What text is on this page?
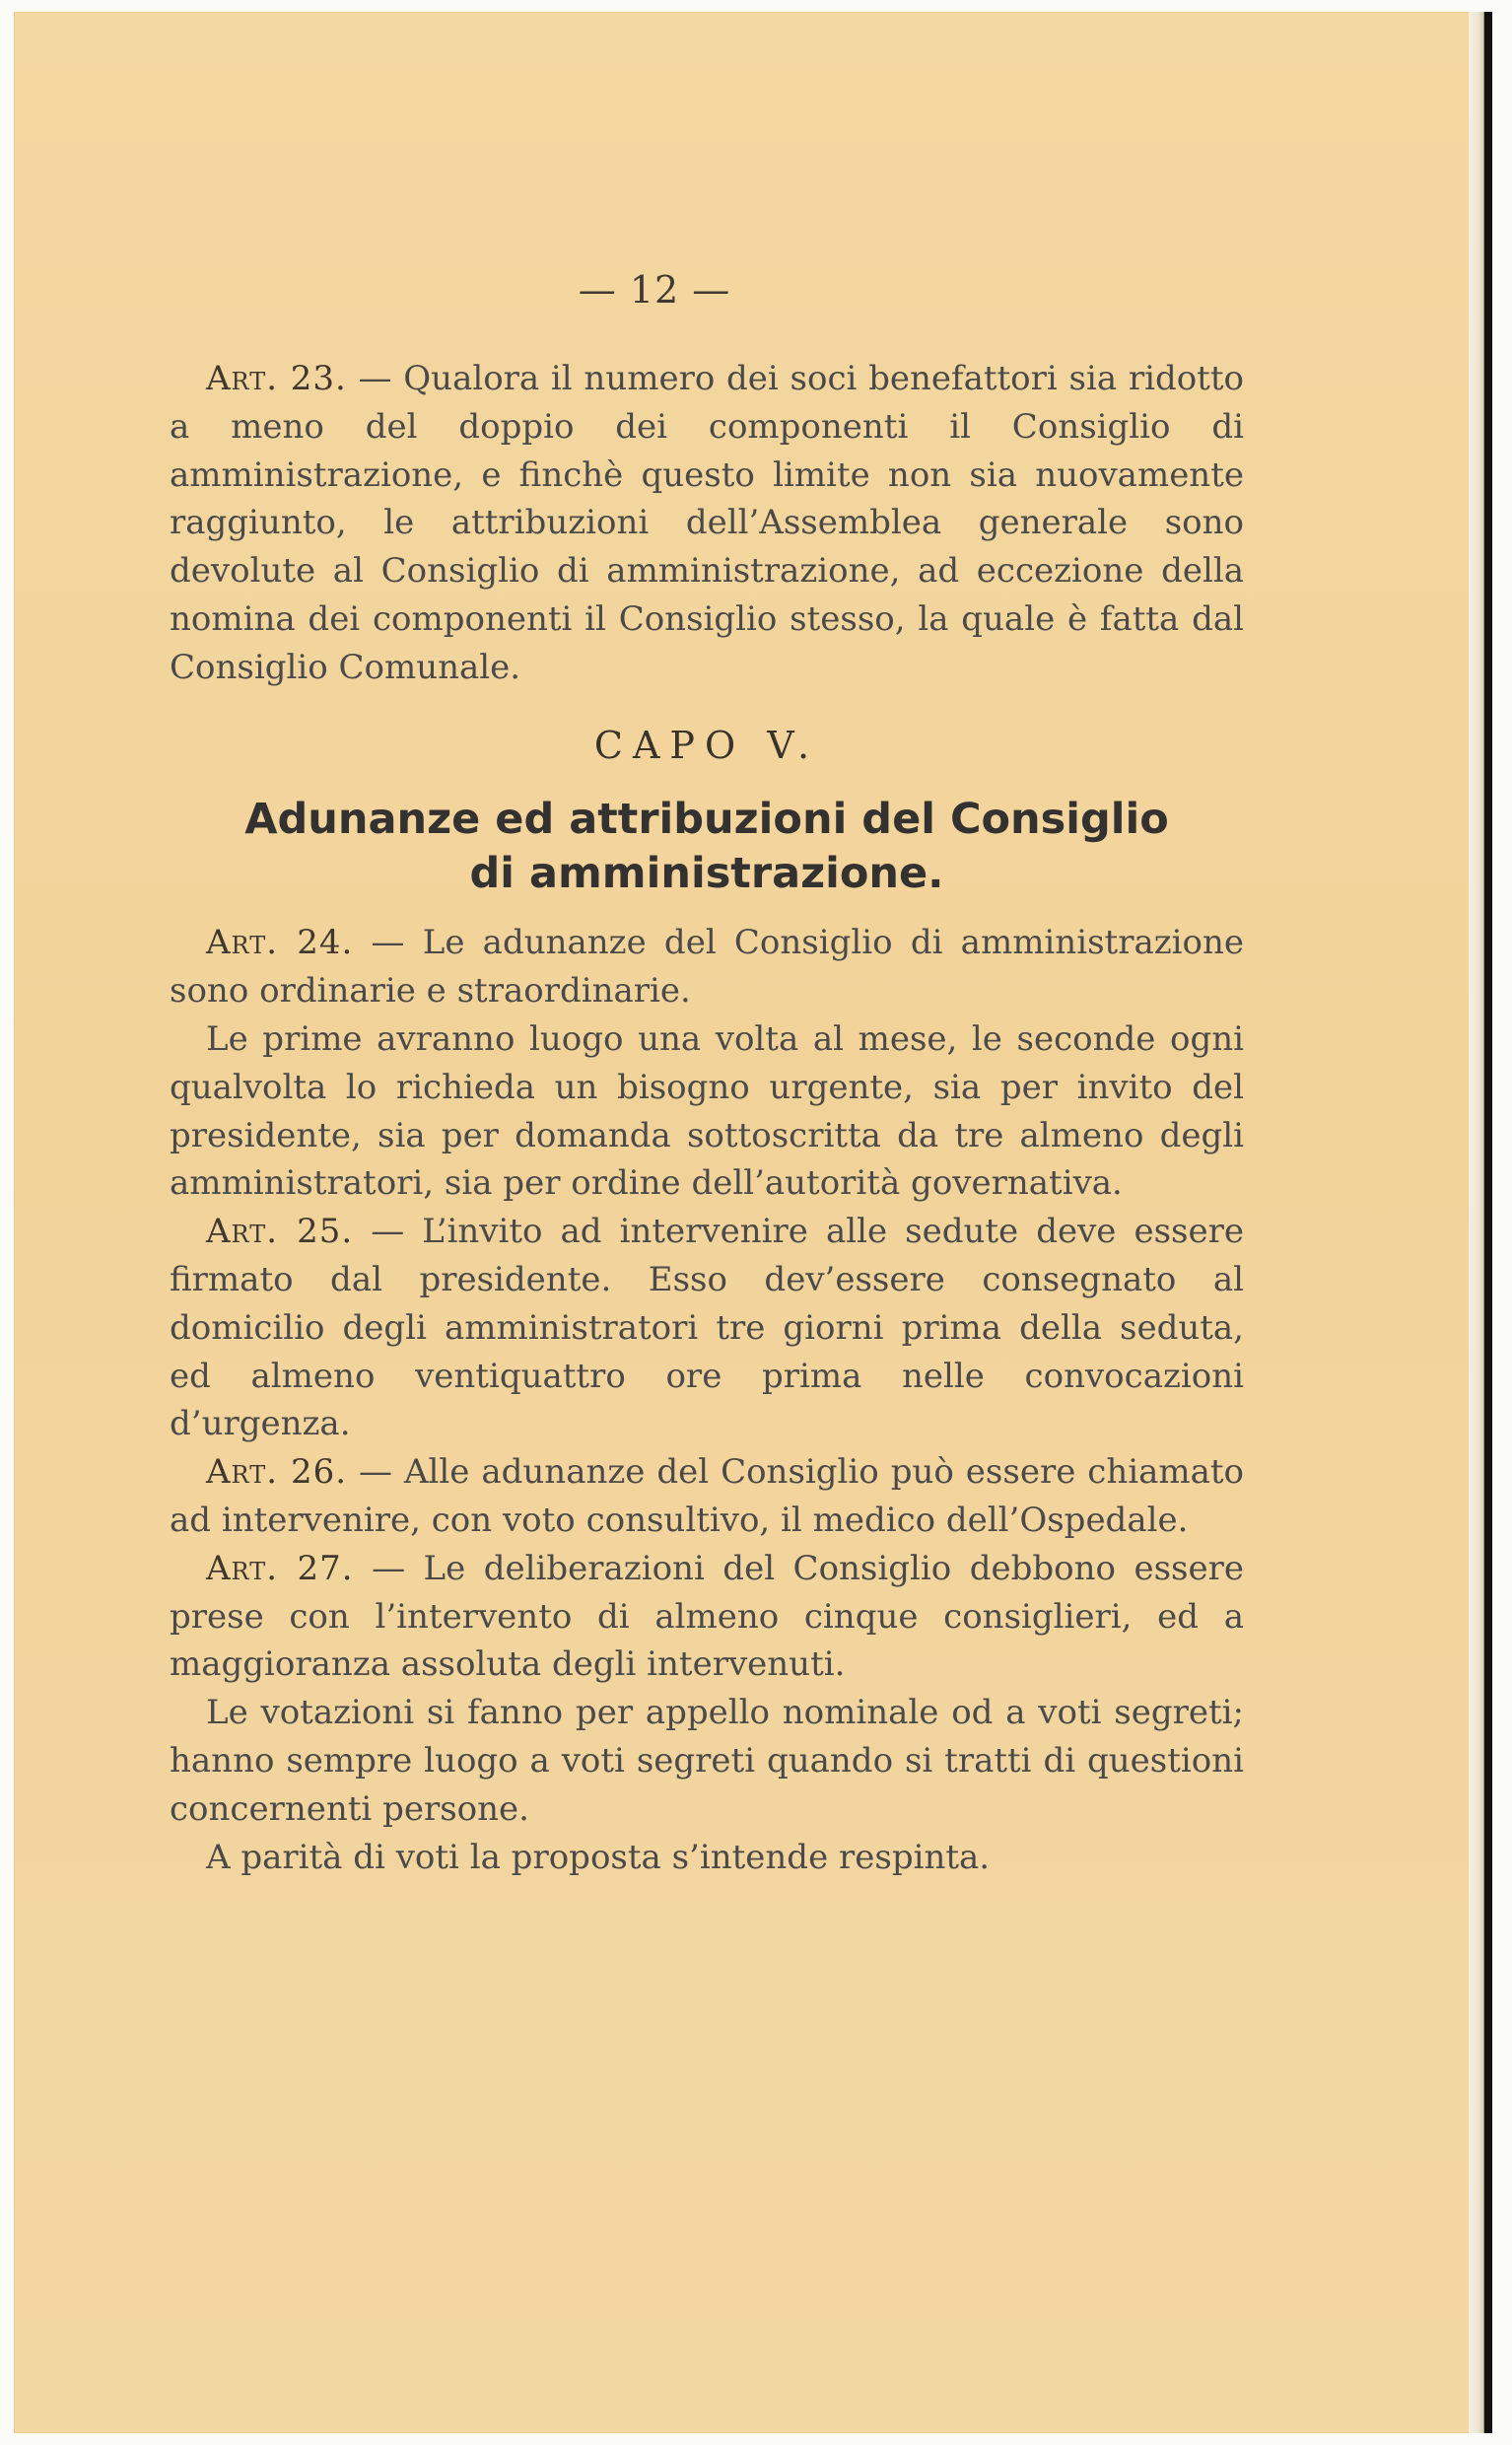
— 12 —

Art. 23. — Qualora il numero dei soci benefattori sia ridotto a meno del doppio dei componenti il Consiglio di amministrazione, e finchè questo limite non sia nuovamente raggiunto, le attribuzioni dell’Assemblea generale sono devolute al Consiglio di amministrazione, ad eccezione della nomina dei componenti il Consiglio stesso, la quale è fatta dal Consiglio Comunale.

CAPO V.
Adunanze ed attribuzioni del Consiglio
di amministrazione.

Art. 24. — Le adunanze del Consiglio di amministrazione sono ordinarie e straordinarie.

Le prime avranno luogo una volta al mese, le seconde ogni qualvolta lo richieda un bisogno urgente, sia per invito del presidente, sia per domanda sottoscritta da tre almeno degli amministratori, sia per ordine dell’autorità governativa.

Art. 25. — L’invito ad intervenire alle sedute deve essere firmato dal presidente. Esso dev’essere consegnato al domicilio degli amministratori tre giorni prima della seduta, ed almeno ventiquattro ore prima nelle convocazioni d’urgenza.

Art. 26. — Alle adunanze del Consiglio può essere chiamato ad intervenire, con voto consultivo, il medico dell’Ospedale.

Art. 27. — Le deliberazioni del Consiglio debbono essere prese con l’intervento di almeno cinque consiglieri, ed a maggioranza assoluta degli intervenuti.

Le votazioni si fanno per appello nominale od a voti segreti; hanno sempre luogo a voti segreti quando si tratti di questioni concernenti persone.

A parità di voti la proposta s’intende respinta.
